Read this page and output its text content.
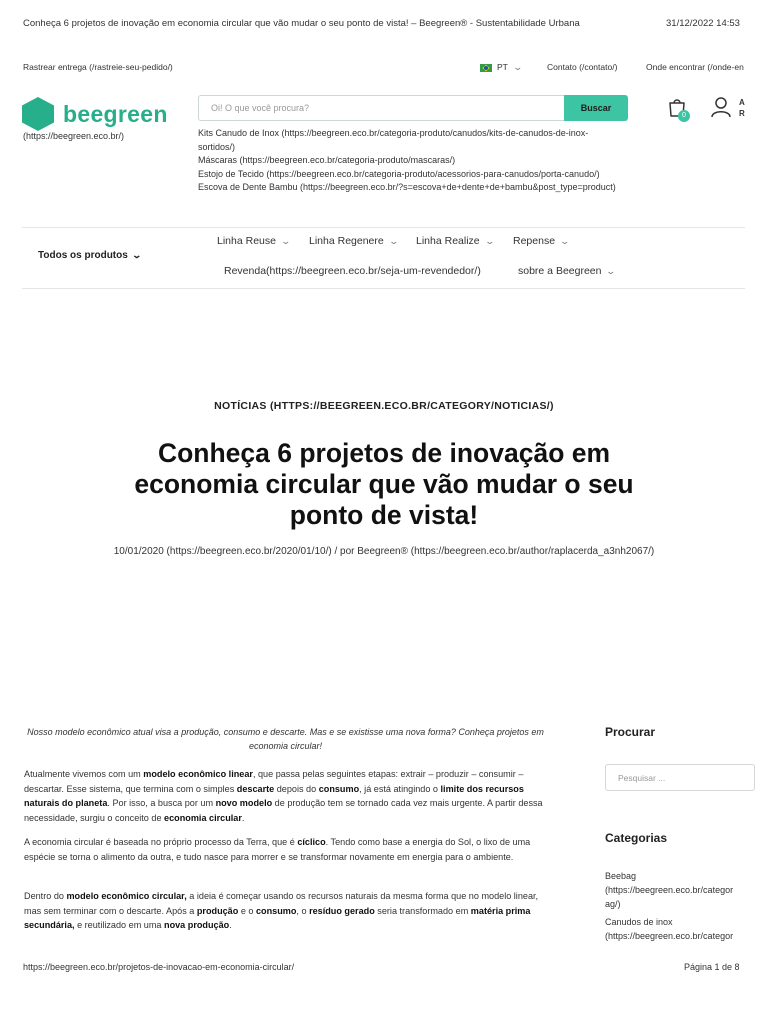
Conheça 6 projetos de inovação em economia circular que vão mudar o seu ponto de vista! – Beegreen® - Sustentabilidade Urbana	31/12/2022 14:53
Rastrear entrega (/rastreie-seu-pedido/)	PT ⌄	Contato (/contato/)	Onde encontrar (/onde-en
beegreen
(https://beegreen.eco.br/)
Oi! O que você procura?
Buscar
Kits Canudo de Inox (https://beegreen.eco.br/categoria-produto/canudos/kits-de-canudos-de-inox-sortidos/)
Máscaras (https://beegreen.eco.br/categoria-produto/mascaras/)
Estojo de Tecido (https://beegreen.eco.br/categoria-produto/acessorios-para-canudos/porta-canudo/)
Escova de Dente Bambu (https://beegreen.eco.br/?s=escova+de+dente+de+bambu&post_type=product)
0
A
R
Todos os produtos ⌄
Linha Reuse ⌄ Linha Regenere ⌄ Linha Realize ⌄ Repense ⌄
Revenda(https://beegreen.eco.br/seja-um-revendedor/)	sobre a Beegreen ⌄
NOTÍCIAS (HTTPS://BEEGREEN.ECO.BR/CATEGORY/NOTICIAS/)
Conheça 6 projetos de inovação em economia circular que vão mudar o seu ponto de vista!
10/01/2020 (https://beegreen.eco.br/2020/01/10/) / por Beegreen® (https://beegreen.eco.br/author/raplacerda_a3nh2067/)
Nosso modelo econômico atual visa a produção, consumo e descarte. Mas e se existisse uma nova forma? Conheça projetos em economia circular!
Atualmente vivemos com um modelo econômico linear, que passa pelas seguintes etapas: extrair – produzir – consumir – descartar. Esse sistema, que termina com o simples descarte depois do consumo, já está atingindo o limite dos recursos naturais do planeta. Por isso, a busca por um novo modelo de produção tem se tornado cada vez mais urgente. A partir dessa necessidade, surgiu o conceito de economia circular.
A economia circular é baseada no próprio processo da Terra, que é cíclico. Tendo como base a energia do Sol, o lixo de uma espécie se torna o alimento da outra, e tudo nasce para morrer e se transformar novamente em energia para o ambiente.
Dentro do modelo econômico circular, a ideia é começar usando os recursos naturais da mesma forma que no modelo linear, mas sem terminar com o descarte. Após a produção e o consumo, o resíduo gerado seria transformado em matéria prima secundária, e reutilizado em uma nova produção.
Procurar
Pesquisar ...
Categorias
Beebag
(https://beegreen.eco.br/categor
ag/)
Canudos de inox
(https://beegreen.eco.br/categor
https://beegreen.eco.br/projetos-de-inovacao-em-economia-circular/	Página 1 de 8
